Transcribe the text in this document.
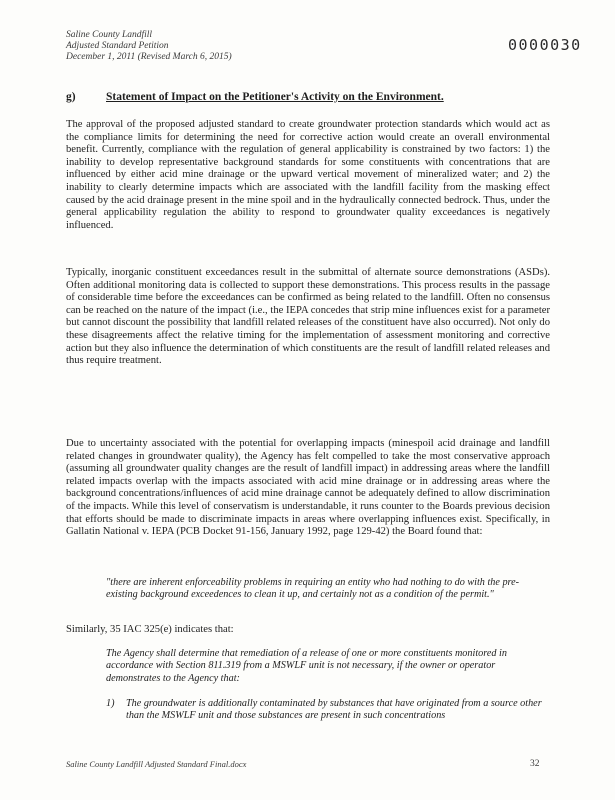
Saline County Landfill
Adjusted Standard Petition
December 1, 2011 (Revised March 6, 2015)
0000030
g)	Statement of Impact on the Petitioner's Activity on the Environment.
The approval of the proposed adjusted standard to create groundwater protection standards which would act as the compliance limits for determining the need for corrective action would create an overall environmental benefit. Currently, compliance with the regulation of general applicability is constrained by two factors: 1) the inability to develop representative background standards for some constituents with concentrations that are influenced by either acid mine drainage or the upward vertical movement of mineralized water; and 2) the inability to clearly determine impacts which are associated with the landfill facility from the masking effect caused by the acid drainage present in the mine spoil and in the hydraulically connected bedrock. Thus, under the general applicability regulation the ability to respond to groundwater quality exceedances is negatively influenced.
Typically, inorganic constituent exceedances result in the submittal of alternate source demonstrations (ASDs). Often additional monitoring data is collected to support these demonstrations. This process results in the passage of considerable time before the exceedances can be confirmed as being related to the landfill. Often no consensus can be reached on the nature of the impact (i.e., the IEPA concedes that strip mine influences exist for a parameter but cannot discount the possibility that landfill related releases of the constituent have also occurred). Not only do these disagreements affect the relative timing for the implementation of assessment monitoring and corrective action but they also influence the determination of which constituents are the result of landfill related releases and thus require treatment.
Due to uncertainty associated with the potential for overlapping impacts (minespoil acid drainage and landfill related changes in groundwater quality), the Agency has felt compelled to take the most conservative approach (assuming all groundwater quality changes are the result of landfill impact) in addressing areas where the landfill related impacts overlap with the impacts associated with acid mine drainage or in addressing areas where the background concentrations/influences of acid mine drainage cannot be adequately defined to allow discrimination of the impacts. While this level of conservatism is understandable, it runs counter to the Boards previous decision that efforts should be made to discriminate impacts in areas where overlapping influences exist. Specifically, in Gallatin National v. IEPA (PCB Docket 91-156, January 1992, page 129-42) the Board found that:
"there are inherent enforceability problems in requiring an entity who had nothing to do with the pre-existing background exceedences to clean it up, and certainly not as a condition of the permit."
Similarly, 35 IAC 325(e) indicates that:
The Agency shall determine that remediation of a release of one or more constituents monitored in accordance with Section 811.319 from a MSWLF unit is not necessary, if the owner or operator demonstrates to the Agency that:
1)	The groundwater is additionally contaminated by substances that have originated from a source other than the MSWLF unit and those substances are present in such concentrations
Saline County Landfill Adjusted Standard Final.docx	32
